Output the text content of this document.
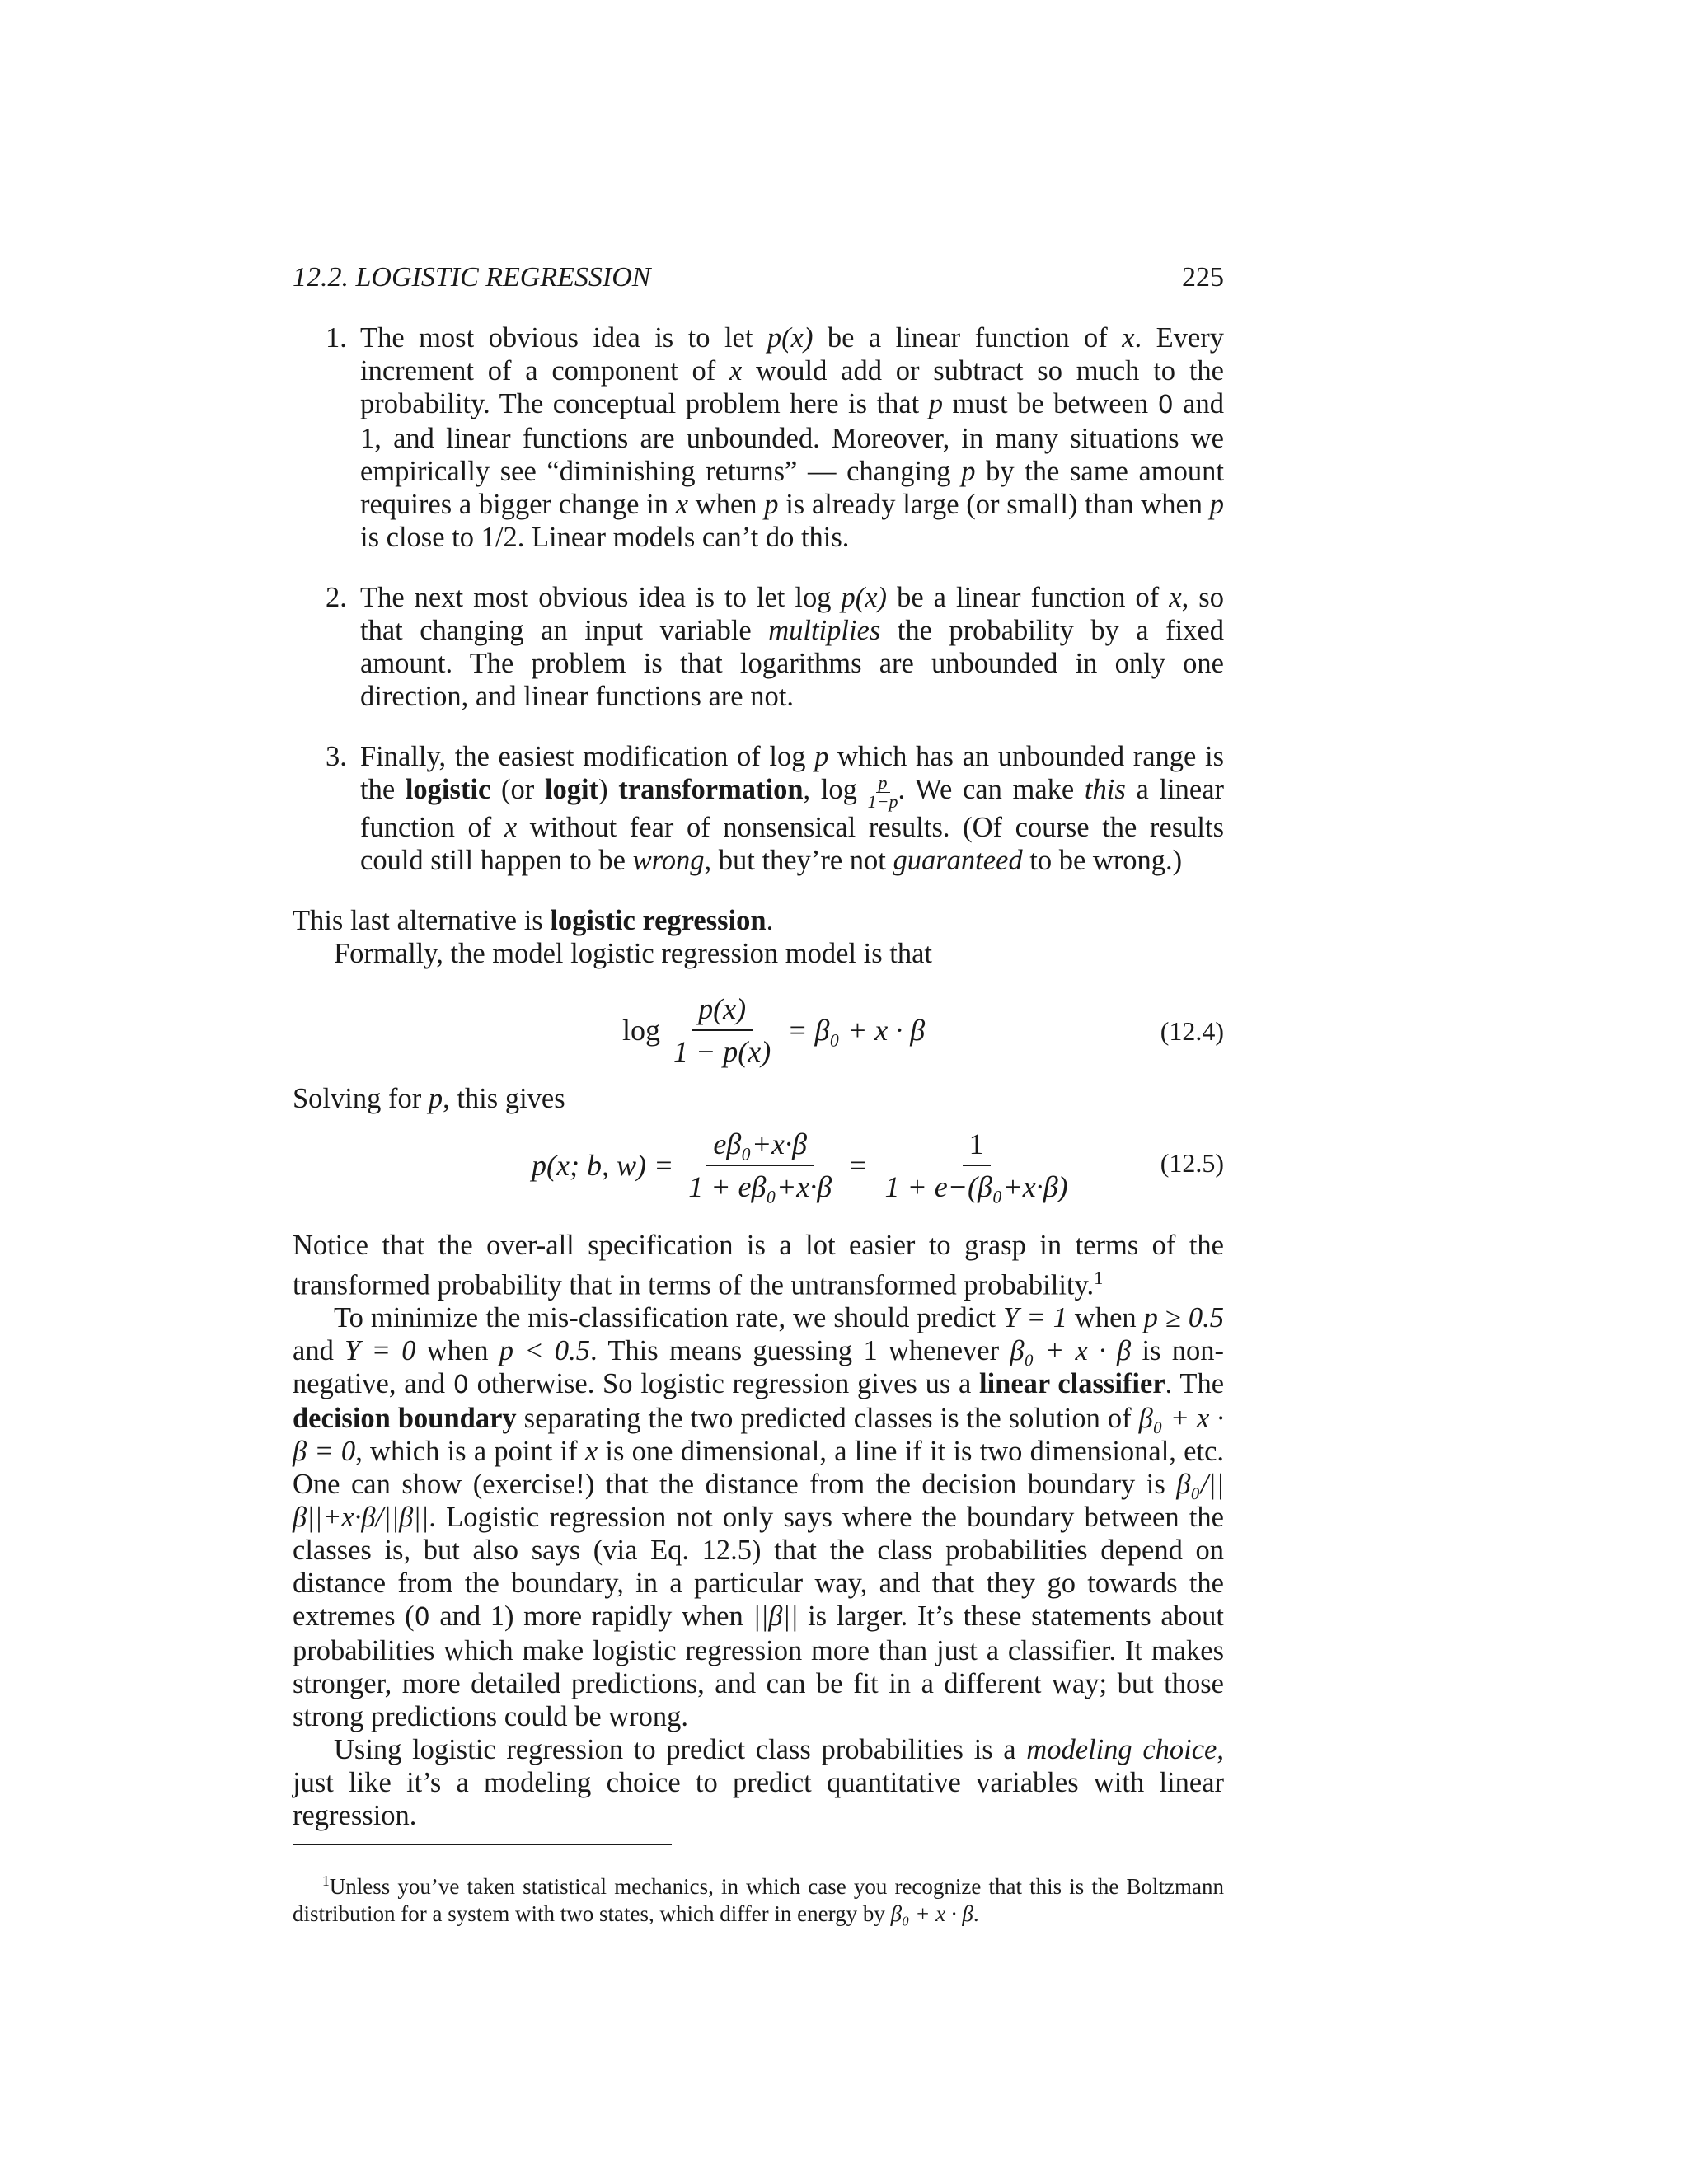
12.2. LOGISTIC REGRESSION	225
1. The most obvious idea is to let p(x) be a linear function of x. Every increment of a component of x would add or subtract so much to the probability. The conceptual problem here is that p must be between 0 and 1, and linear functions are unbounded. Moreover, in many situations we empirically see “diminishing returns” — changing p by the same amount requires a bigger change in x when p is already large (or small) than when p is close to 1/2. Linear models can’t do this.
2. The next most obvious idea is to let log p(x) be a linear function of x, so that changing an input variable multiplies the probability by a fixed amount. The problem is that logarithms are unbounded in only one direction, and linear functions are not.
3. Finally, the easiest modification of log p which has an unbounded range is the logistic (or logit) transformation, $\log \frac{p}{1-p}$ . We can make this a linear function of x without fear of nonsensical results. (Of course the results could still happen to be wrong, but they’re not guaranteed to be wrong.)

This last alternative is logistic regression.

Formally, the model logistic regression model is that

$\log \frac{p(x)}{1 - p(x)} = \beta_0 + x \cdot \beta$	(12.4)

Solving for p, this gives

p(x; b, $w) = \frac{\text{eβ₀+x·β}}{\text{1 + eβ₀+x·β}} = \frac{1}{\text{1 + e−(β₀+x·β)}}$	(12.5)

Notice that the over-all specification is a lot easier to grasp in terms of the transformed probability that in terms of the untransformed probability.$^1$

To minimize the mis-classification rate, we should predict Y = 1 when p ≥ 0.5 and Y = 0 when p < 0.5. This means guessing 1 whenever β₀ + x · β is non-negative, and 0 otherwise. So logistic regression gives us a linear classifier. The decision boundary separating the two predicted classes is the solution of β₀ + x · β = 0, which is a point if x is one dimensional, a line if it is two dimensional, etc. One can show (exercise!) that the distance from the decision boundary is β₀/||β||+x·β/||β||. Logistic regression not only says where the boundary between the classes is, but also says (via Eq. 12.5) that the class probabilities depend on distance from the boundary, in a particular way, and that they go towards the extremes (0 and 1) more rapidly when ||β|| is larger. It’s these statements about probabilities which make logistic regression more than just a classifier. It makes stronger, more detailed predictions, and can be fit in a different way; but those strong predictions could be wrong.

Using logistic regression to predict class probabilities is a modeling choice, just like it’s a modeling choice to predict quantitative variables with linear regression.

$^1$Unless you’ve taken statistical mechanics, in which case you recognize that this is the Boltzmann distribution for a system with two states, which differ in energy by β₀ + x · β.
